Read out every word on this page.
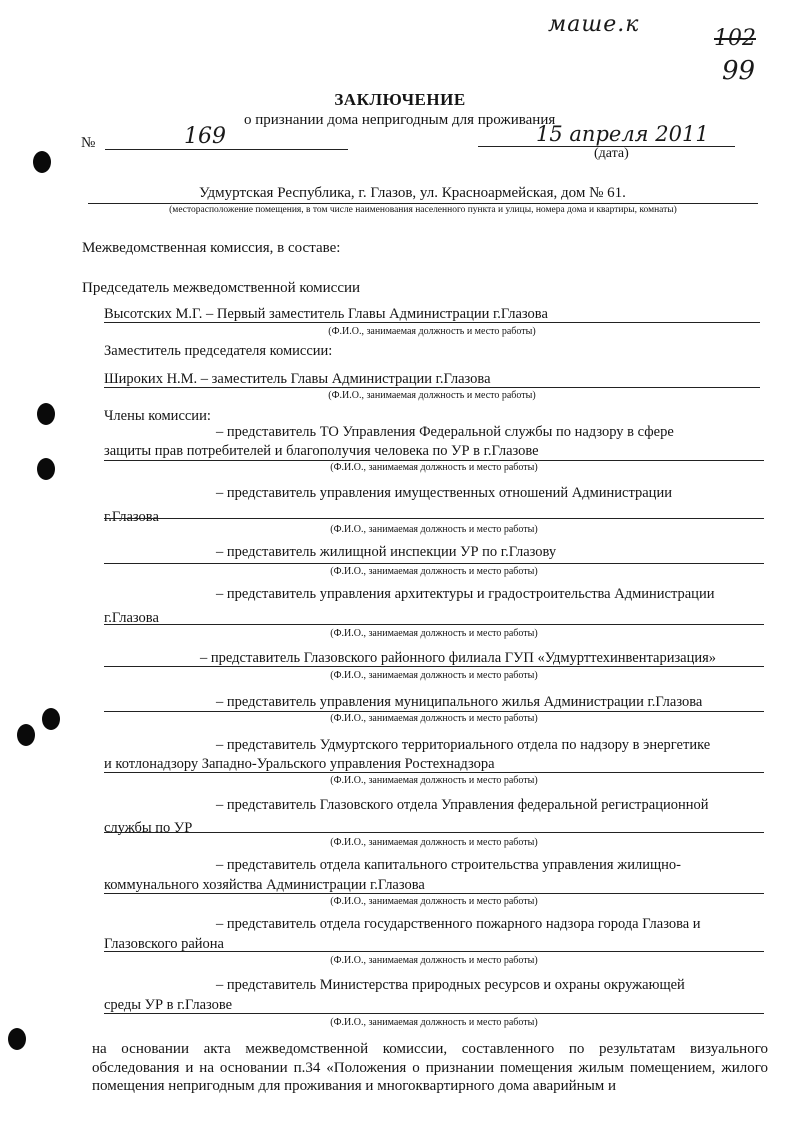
маше.к
102
99
ЗАКЛЮЧЕНИЕ
о признании дома непригодным для проживания
№	169	15 апреля 2011
(дата)
Удмуртская Республика, г. Глазов, ул. Красноармейская, дом № 61.
(месторасположение помещения, в том числе наименования населенного пункта и улицы, номера дома и квартиры, комнаты)
Межведомственная комиссия, в составе:
Председатель межведомственной комиссии
Высотских М.Г. – Первый заместитель Главы Администрации г.Глазова
(Ф.И.О., занимаемая должность и место работы)
Заместитель председателя комиссии:
Широких Н.М. – заместитель Главы Администрации г.Глазова
(Ф.И.О., занимаемая должность и место работы)
Члены комиссии:
– представитель ТО Управления Федеральной службы по надзору в сфере
защиты прав потребителей и благополучия человека по УР в г.Глазове
(Ф.И.О., занимаемая должность и место работы)
– представитель управления имущественных отношений Администрации
г.Глазова
(Ф.И.О., занимаемая должность и место работы)
– представитель жилищной инспекции УР по г.Глазову
(Ф.И.О., занимаемая должность и место работы)
– представитель управления архитектуры и градостроительства Администрации
г.Глазова
(Ф.И.О., занимаемая должность и место работы)
– представитель Глазовского районного филиала ГУП «Удмурттехинвентаризация»
(Ф.И.О., занимаемая должность и место работы)
– представитель управления муниципального жилья Администрации г.Глазова
(Ф.И.О., занимаемая должность и место работы)
– представитель Удмуртского территориального отдела по надзору в энергетике
и котлонадзору Западно-Уральского управления Ростехнадзора
(Ф.И.О., занимаемая должность и место работы)
– представитель Глазовского отдела Управления федеральной регистрационной
службы по УР
(Ф.И.О., занимаемая должность и место работы)
– представитель отдела капитального строительства управления жилищно-
коммунального хозяйства Администрации г.Глазова
(Ф.И.О., занимаемая должность и место работы)
– представитель отдела государственного пожарного надзора города Глазова и
Глазовского района
(Ф.И.О., занимаемая должность и место работы)
– представитель Министерства природных ресурсов и охраны окружающей
среды УР в г.Глазове
(Ф.И.О., занимаемая должность и место работы)
на основании акта межведомственной комиссии, составленного по результатам визуального обследования и на основании п.34 «Положения о признании помещения жилым помещением, жилого помещения непригодным для проживания и многоквартирного дома аварийным и
